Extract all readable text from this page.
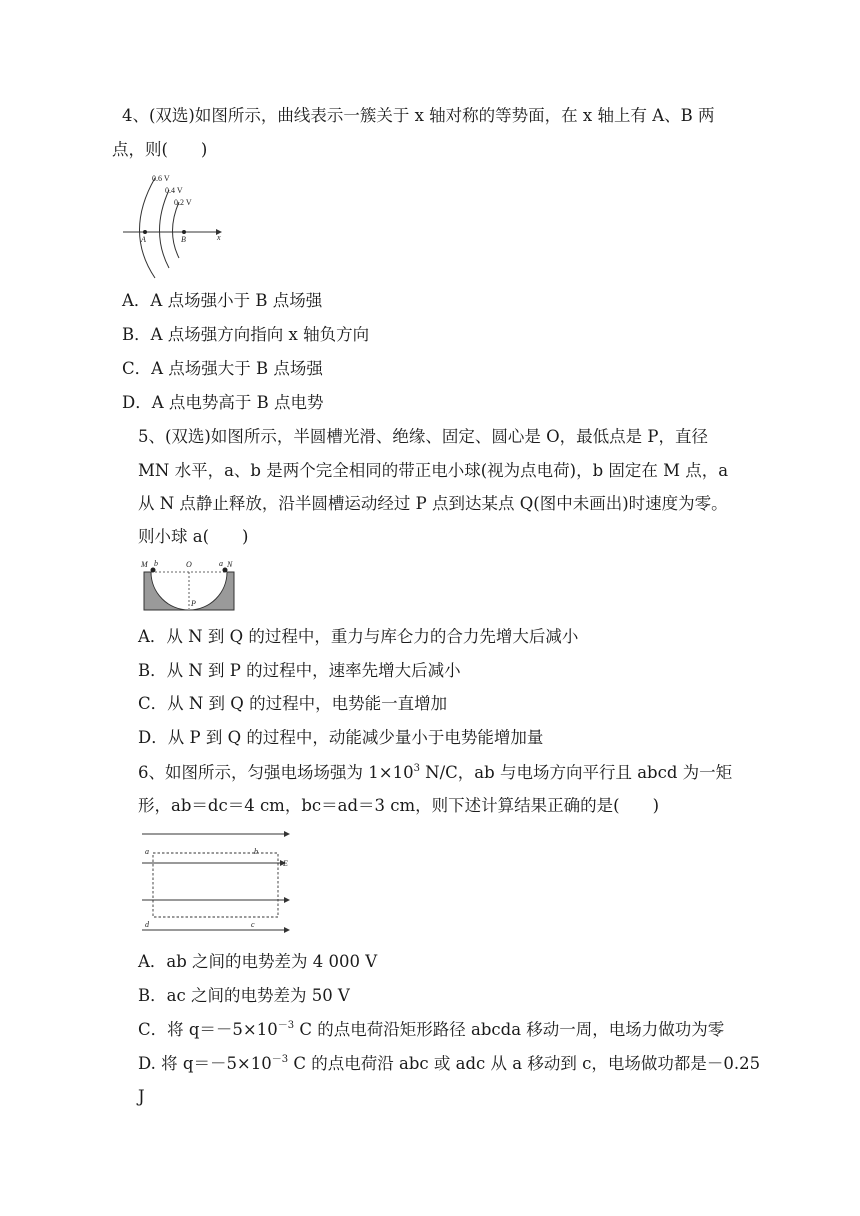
4、(双选)如图所示，曲线表示一簇关于 x 轴对称的等势面，在 x 轴上有 A、B 两
点，则(　　)
0.6 V
0.4 V
0.2 V
A	B	x
A．A 点场强小于 B 点场强
B．A 点场强方向指向 x 轴负方向
C．A 点场强大于 B 点场强
D．A 点电势高于 B 点电势
5、(双选)如图所示，半圆槽光滑、绝缘、固定、圆心是 O，最低点是 P，直径
MN 水平，a、b 是两个完全相同的带正电小球(视为点电荷)，b 固定在 M 点，a
从 N 点静止释放，沿半圆槽运动经过 P 点到达某点 Q(图中未画出)时速度为零。
则小球 a(　　)
M b	O	a N
P
A．从 N 到 Q 的过程中，重力与库仑力的合力先增大后减小
B．从 N 到 P 的过程中，速率先增大后减小
C．从 N 到 Q 的过程中，电势能一直增加
D．从 P 到 Q 的过程中，动能减少量小于电势能增加量
6、如图所示，匀强电场场强为 $1\times 10^3$ N/C，ab 与电场方向平行且 abcd 为一矩
形，ab＝dc＝4 cm，bc＝ad＝3 cm，则下述计算结果正确的是(　　)
a	b
E
d	c
A．ab 之间的电势差为 4 000 V
B．ac 之间的电势差为 50 V
C．将 $q=-5\times 10^{-3}$ C 的点电荷沿矩形路径 abcda 移动一周，电场力做功为零
D. 将 $q=-5\times 10^{-3}$ C 的点电荷沿 abc 或 adc 从 a 移动到 c，电场做功都是－0.25
J
